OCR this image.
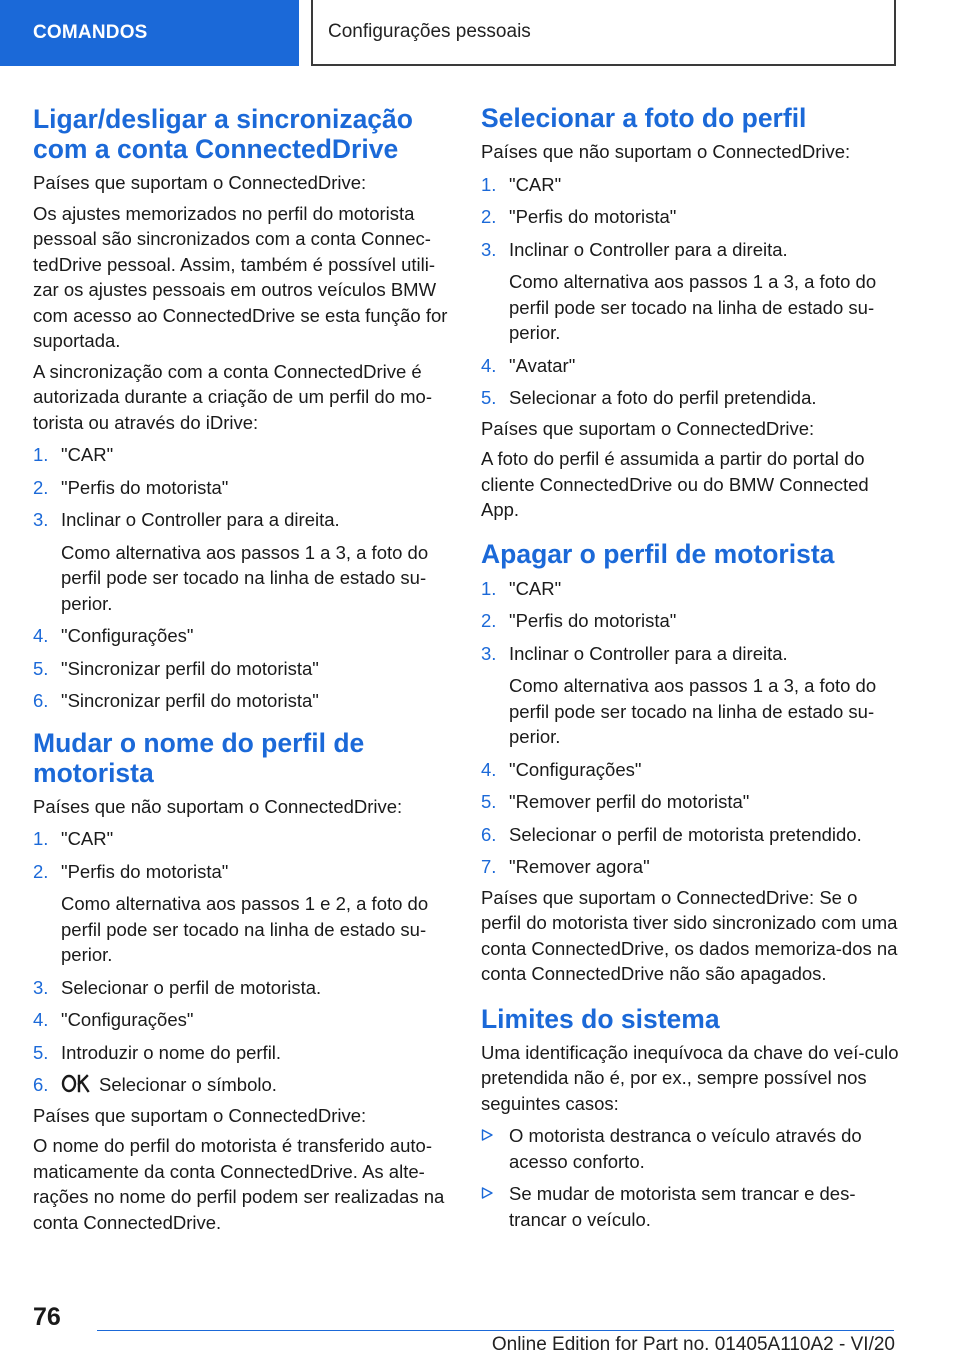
COMANDOS	Configurações pessoais
Ligar/desligar a sincronização com a conta ConnectedDrive

Países que suportam o ConnectedDrive:

Os ajustes memorizados no perfil do motorista pessoal são sincronizados com a conta Connec‐tedDrive pessoal. Assim, também é possível utili‐zar os ajustes pessoais em outros veículos BMW com acesso ao ConnectedDrive se esta função for suportada.

A sincronização com a conta ConnectedDrive é autorizada durante a criação de um perfil do mo‐torista ou através do iDrive:

1. "CAR"
2. "Perfis do motorista"
3. Inclinar o Controller para a direita.
Como alternativa aos passos 1 a 3, a foto do perfil pode ser tocado na linha de estado su‐perior.
4. "Configurações"
5. "Sincronizar perfil do motorista"
6. "Sincronizar perfil do motorista"
Mudar o nome do perfil de motorista

Países que não suportam o ConnectedDrive:

1. "CAR"
2. "Perfis do motorista"
Como alternativa aos passos 1 e 2, a foto do perfil pode ser tocado na linha de estado su‐perior.
3. Selecionar o perfil de motorista.
4. "Configurações"
5. Introduzir o nome do perfil.
6.	Selecionar o símbolo.

Países que suportam o ConnectedDrive:

O nome do perfil do motorista é transferido auto‐maticamente da conta ConnectedDrive. As alte‐rações no nome do perfil podem ser realizadas na conta ConnectedDrive.

Selecionar a foto do perfil

Países que não suportam o ConnectedDrive:

1. "CAR"
2. "Perfis do motorista"
3. Inclinar o Controller para a direita.
Como alternativa aos passos 1 a 3, a foto do perfil pode ser tocado na linha de estado su‐perior.
4. "Avatar"
5. Selecionar a foto do perfil pretendida.

Países que suportam o ConnectedDrive:

A foto do perfil é assumida a partir do portal do cliente ConnectedDrive ou do BMW Connected App.

Apagar o perfil de motorista
1. "CAR"
2. "Perfis do motorista"
3. Inclinar o Controller para a direita.
Como alternativa aos passos 1 a 3, a foto do perfil pode ser tocado na linha de estado su‐perior.
4. "Configurações"
5. "Remover perfil do motorista"
6. Selecionar o perfil de motorista pretendido.
7. "Remover agora"

Países que suportam o ConnectedDrive: Se o perfil do motorista tiver sido sincronizado com uma conta ConnectedDrive, os dados memoriza‐dos na conta ConnectedDrive não são apagados.

Limites do sistema

Uma identificação inequívoca da chave do veí‐culo pretendida não é, por ex., sempre possível nos seguintes casos:

O motorista destranca o veículo através do acesso conforto.
Se mudar de motorista sem trancar e des‐trancar o veículo.
76
Online Edition for Part no. 01405A110A2 - VI/20
